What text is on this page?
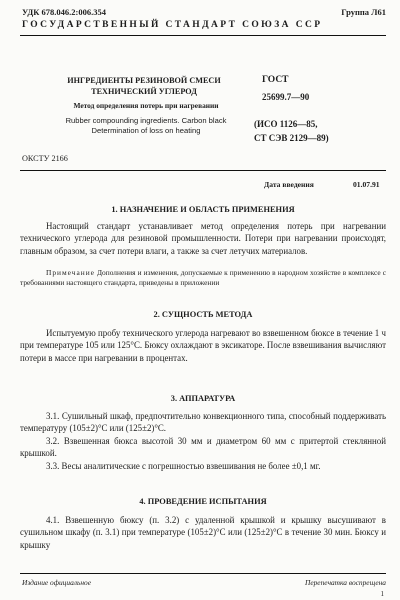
УДК 678.046.2:006.354	Группа Л61

ГОСУДАРСТВЕННЫЙ СТАНДАРТ СОЮЗА ССР

ИНГРЕДИЕНТЫ РЕЗИНОВОЙ СМЕСИ ТЕХНИЧЕСКИЙ УГЛЕРОД

Метод определения потерь при нагревании

Rubber compounding ingredients. Carbon black Determination of loss on heating

ГОСТ

25699.7—90

(ИСО 1126—85,

СТ СЭВ 2129—89)

ОКСТУ 2166

Дата введения	01.07.91

1. НАЗНАЧЕНИЕ И ОБЛАСТЬ ПРИМЕНЕНИЯ

Настоящий стандарт устанавливает метод определения потерь при нагревании технического углерода для резиновой промышленности. Потери при нагревании происходят, главным образом, за счет потери влаги, а также за счет летучих материалов.

Примечание Дополнения и изменения, допускаемые к применению в народном хозяйстве в комплексе с требованиями настоящего стандарта, приведены в приложении

2. СУЩНОСТЬ МЕТОДА

Испытуемую пробу технического углерода нагревают во взвешенном бюксе в течение 1 ч при температуре 105 или 125°С. Бюксу охлаждают в эксикаторе. После взвешивания вычисляют потери в массе при нагревании в процентах.

3. АППАРАТУРА

3.1. Сушильный шкаф, предпочтительно конвекционного типа, способный поддерживать температуру (105±2)°С или (125±2)°С.

3.2. Взвешенная бюкса высотой 30 мм и диаметром 60 мм с притертой стеклянной крышкой.

3.3. Весы аналитические с погрешностью взвешивания не более ±0,1 мг.

4. ПРОВЕДЕНИЕ ИСПЫТАНИЯ

4.1. Взвешенную бюксу (п. 3.2) с удаленной крышкой и крышку высушивают в сушильном шкафу (п. 3.1) при температуре (105±2)°С или (125±2)°С в течение 30 мин. Бюксу и крышку

Издание официальное	Перепечатка воспрещена

1
